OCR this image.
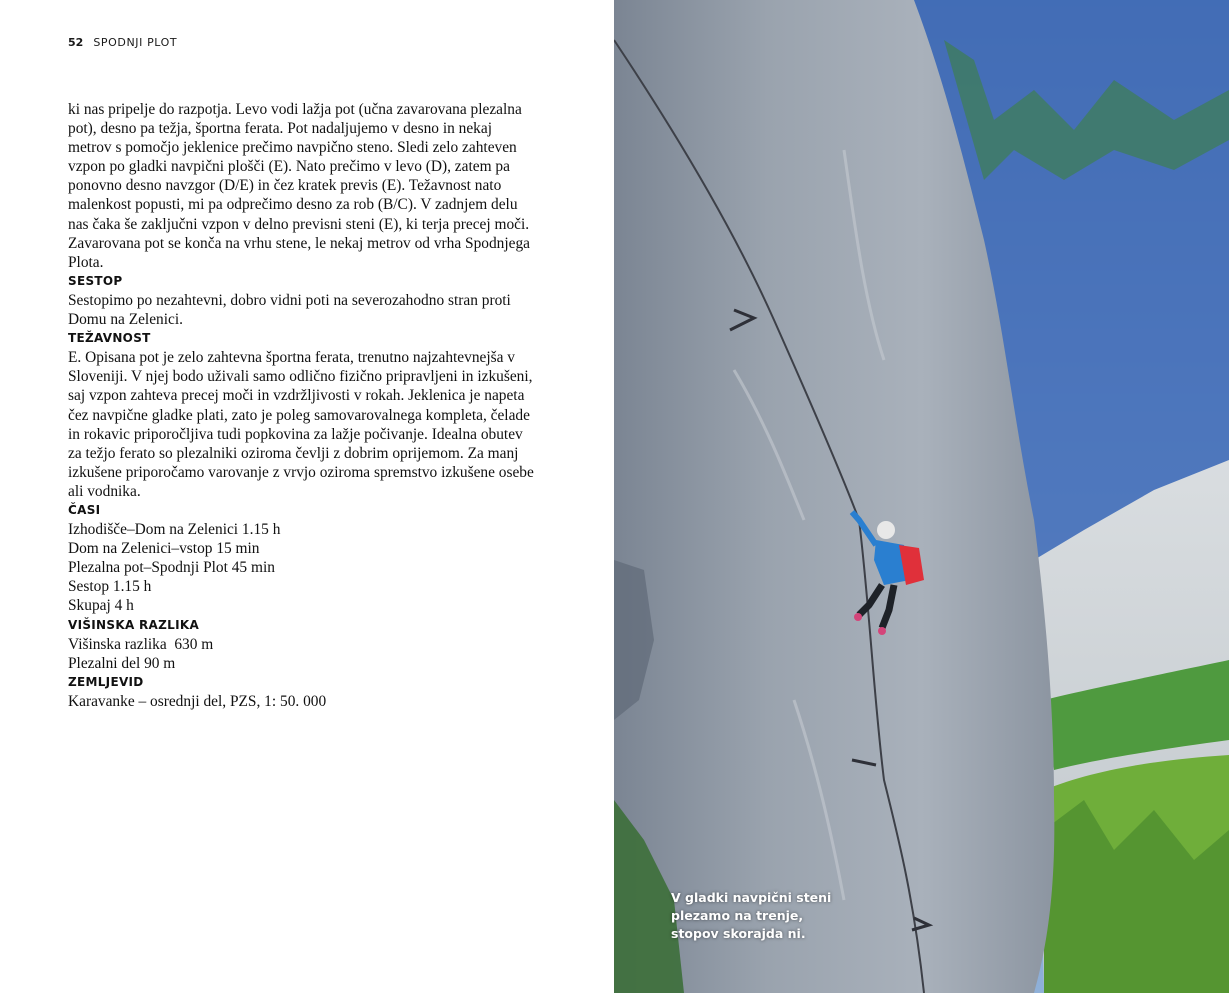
52 SPODNJI PLOT

ki nas pripelje do razpotja. Levo vodi lažja pot (učna zavarovana plezalna
pot), desno pa težja, športna ferata. Pot nadaljujemo v desno in nekaj
metrov s pomočjo jeklenice prečimo navpično steno. Sledi zelo zahteven
vzpon po gladki navpični plošči (E). Nato prečimo v levo (D), zatem pa
ponovno desno navzgor (D/E) in čez kratek previs (E). Težavnost nato
malenkost popusti, mi pa odprečimo desno za rob (B/C). V zadnjem delu
nas čaka še zaključni vzpon v delno previsni steni (E), ki terja precej moči.
Zavarovana pot se konča na vrhu stene, le nekaj metrov od vrha Spodnjega
Plota.

SESTOP

Sestopimo po nezahtevni, dobro vidni poti na severozahodno stran proti
Domu na Zelenici.

TEŽAVNOST

E. Opisana pot je zelo zahtevna športna ferata, trenutno najzahtevnejša v
Sloveniji. V njej bodo uživali samo odlično fizično pripravljeni in izkušeni,
saj vzpon zahteva precej moči in vzdržljivosti v rokah. Jeklenica je napeta
čez navpične gladke plati, zato je poleg samovarovalnega kompleta, čelade
in rokavic priporočljiva tudi popkovina za lažje počivanje. Idealna obutev
za težjo ferato so plezalniki oziroma čevlji z dobrim oprijemom. Za manj
izkušene priporočamo varovanje z vrvjo oziroma spremstvo izkušene osebe
ali vodnika.

ČASI

Izhodišče–Dom na Zelenici 1.15 h
Dom na Zelenici–vstop 15 min
Plezalna pot–Spodnji Plot 45 min
Sestop 1.15 h
Skupaj 4 h

VIŠINSKA RAZLIKA

Višinska razlika  630 m
Plezalni del 90 m

ZEMLJEVID

Karavanke – osrednji del, PZS, 1: 50. 000

V gladki navpični steni
plezamo na trenje,
stopov skorajda ni.
